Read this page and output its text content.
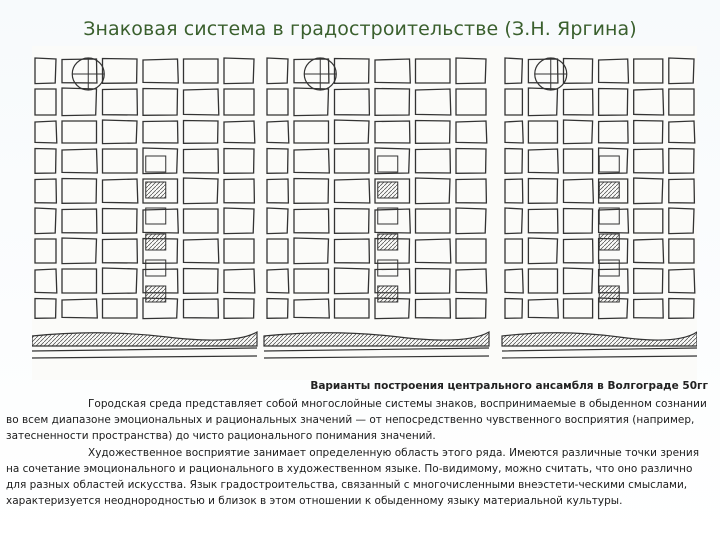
Знаковая система в градостроительстве (З.Н. Яргина)
Варианты построения центрального ансамбля в Волгограде 50гг

Городская среда представляет собой многослойные системы знаков, воспринимаемые в обыденном сознании во всем диапазоне эмоциональных и рациональных значений — от непосредственно чувственного восприятия (например, затесненности пространства) до чисто рационального понимания значений.

Художественное восприятие занимает определенную область этого ряда. Имеются различные точки зрения на сочетание эмоционального и рационального в художественном языке. По-видимому, можно считать, что оно различно для разных областей искусства. Язык градостроительства, связанный с многочисленными внеэстети-ческими смыслами, характеризуется неоднородностью и близок в этом отношении к обыденному языку материальной культуры.
